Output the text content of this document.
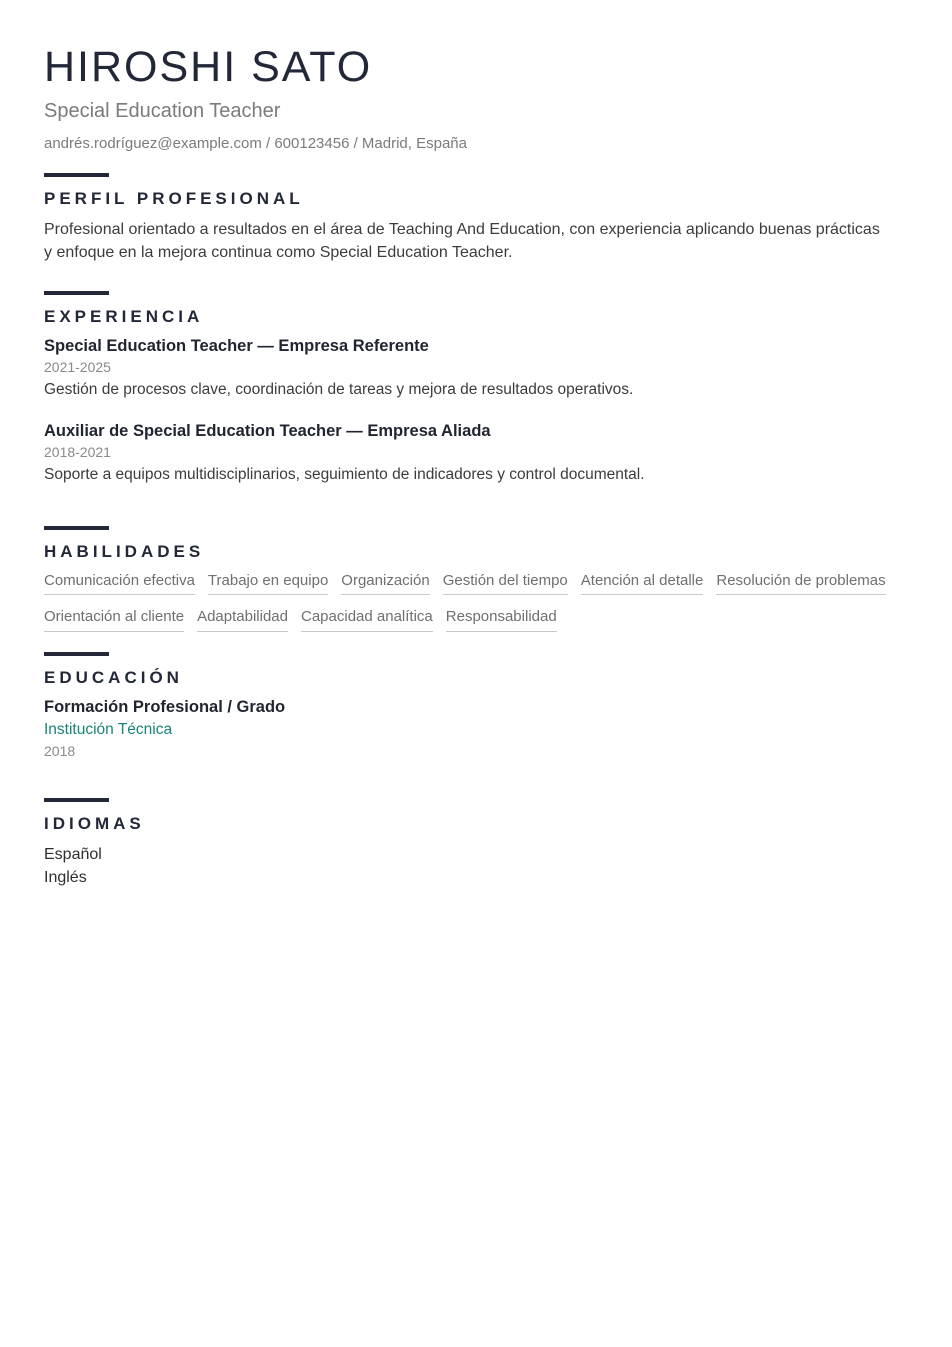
HIROSHI SATO
Special Education Teacher
andrés.rodríguez@example.com / 600123456 / Madrid, España
PERFIL PROFESIONAL

Profesional orientado a resultados en el área de Teaching And Education, con experiencia aplicando buenas prácticas y enfoque en la mejora continua como Special Education Teacher.

EXPERIENCIA
Special Education Teacher — Empresa Referente
2021-2025
Gestión de procesos clave, coordinación de tareas y mejora de resultados operativos.
Auxiliar de Special Education Teacher — Empresa Aliada
2018-2021
Soporte a equipos multidisciplinarios, seguimiento de indicadores y control documental.
HABILIDADES
Comunicación efectiva Trabajo en equipo Organización Gestión del tiempo Atención al detalle Resolución de problemas
Orientación al cliente Adaptabilidad Capacidad analítica Responsabilidad
EDUCACIÓN
Formación Profesional / Grado
Institución Técnica
2018
IDIOMAS
Español
Inglés
